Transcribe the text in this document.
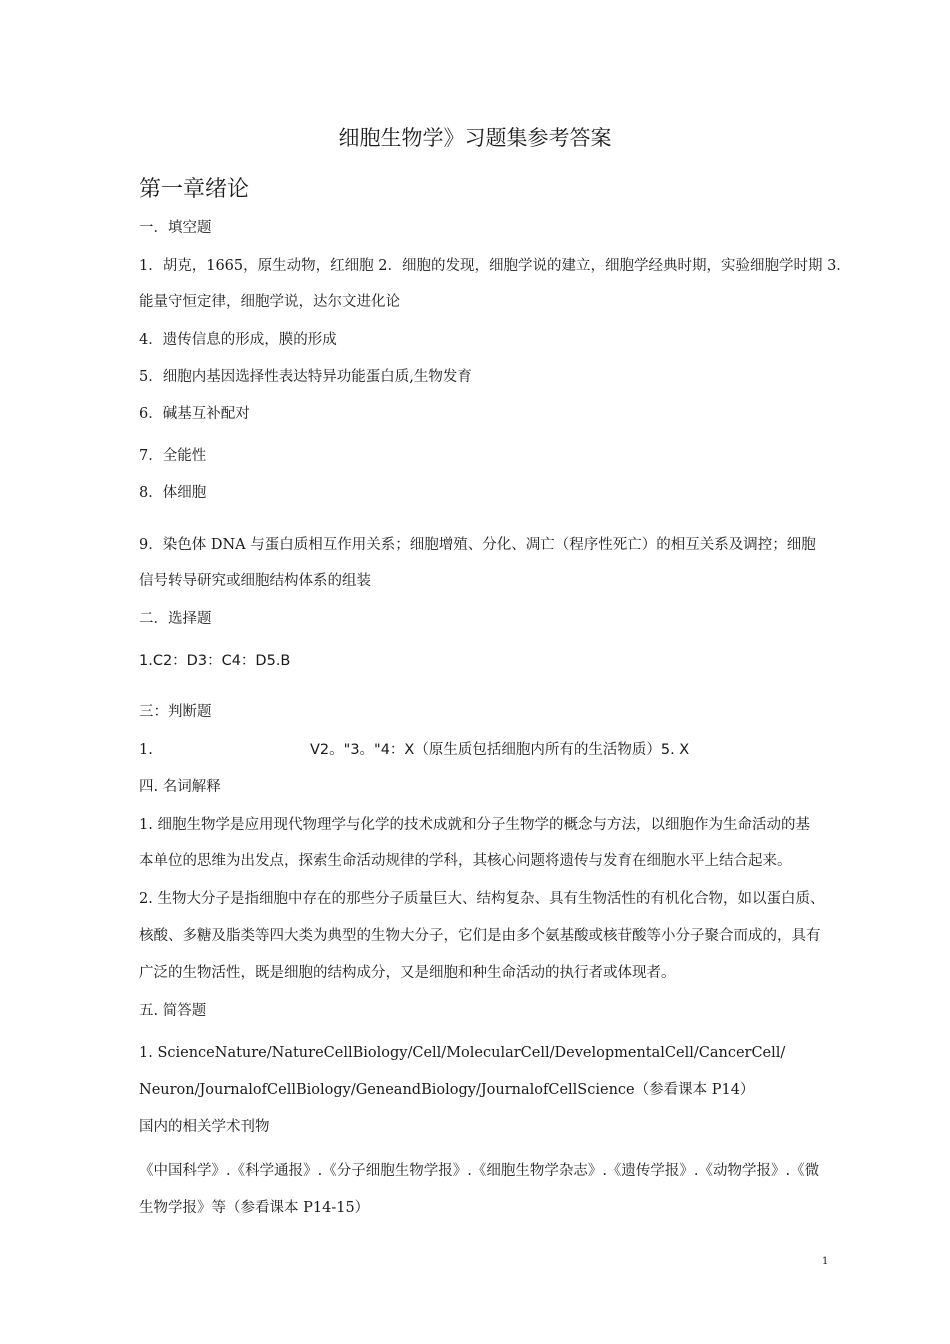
细胞生物学》习题集参考答案
第一章绪论
一．填空题
1．胡克，1665，原生动物，红细胞 2．细胞的发现，细胞学说的建立，细胞学经典时期，实验细胞学时期 3．
能量守恒定律，细胞学说，达尔文进化论
4．遗传信息的形成，膜的形成
5．细胞内基因选择性表达特异功能蛋白质,生物发育
6．碱基互补配对
7．全能性
8．体细胞
9．染色体 DNA 与蛋白质相互作用关系；细胞增殖、分化、凋亡（程序性死亡）的相互关系及调控；细胞
信号转导研究或细胞结构体系的组装
二．选择题
1.C2：D3：C4：D5.B
三：判断题
1.	V2。"3。"4：X（原生质包括细胞内所有的生活物质）5. X
四. 名词解释
1. 细胞生物学是应用现代物理学与化学的技术成就和分子生物学的概念与方法，以细胞作为生命活动的基
本单位的思维为出发点，探索生命活动规律的学科，其核心问题将遗传与发育在细胞水平上结合起来。
2. 生物大分子是指细胞中存在的那些分子质量巨大、结构复杂、具有生物活性的有机化合物，如以蛋白质、
核酸、多糖及脂类等四大类为典型的生物大分子，它们是由多个氨基酸或核苷酸等小分子聚合而成的，具有
广泛的生物活性，既是细胞的结构成分，又是细胞和种生命活动的执行者或体现者。
五. 简答题
1. ScienceNature/NatureCellBiology/Cell/MolecularCell/DevelopmentalCell/CancerCell/
Neuron/JournalofCellBiology/GeneandBiology/JournalofCellScience（参看课本 P14）
国内的相关学术刊物
《中国科学》.《科学通报》.《分子细胞生物学报》.《细胞生物学杂志》.《遗传学报》.《动物学报》.《微
生物学报》等（参看课本 P14-15）
1
